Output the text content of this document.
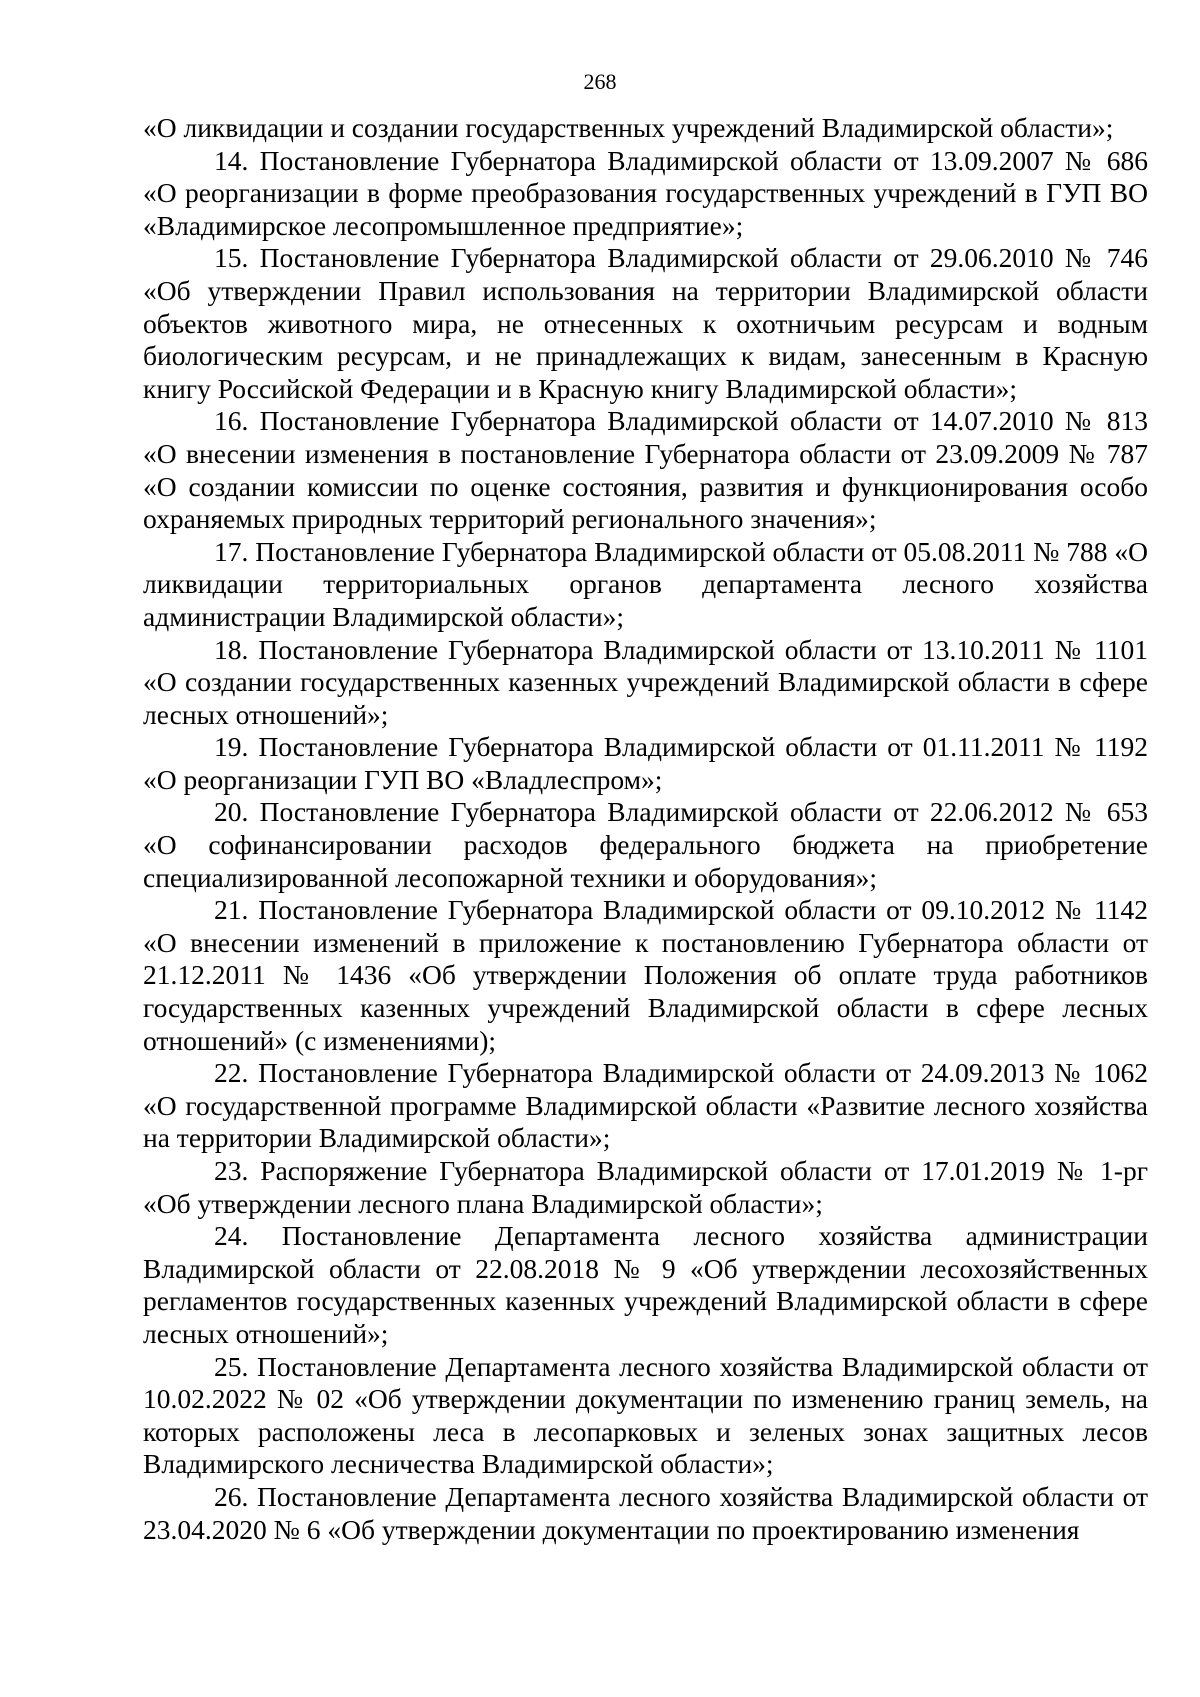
268

«О ликвидации и создании государственных учреждений Владимирской области»;

14. Постановление Губернатора Владимирской области от 13.09.2007 № 686 «О реорганизации в форме преобразования государственных учреждений в ГУП ВО «Владимирское лесопромышленное предприятие»;

15. Постановление Губернатора Владимирской области от 29.06.2010 № 746 «Об утверждении Правил использования на территории Владимирской области объектов животного мира, не отнесенных к охотничьим ресурсам и водным биологическим ресурсам, и не принадлежащих к видам, занесенным в Красную книгу Российской Федерации и в Красную книгу Владимирской области»;

16. Постановление Губернатора Владимирской области от 14.07.2010 № 813 «О внесении изменения в постановление Губернатора области от 23.09.2009 № 787 «О создании комиссии по оценке состояния, развития и функционирования особо охраняемых природных территорий регионального значения»;

17. Постановление Губернатора Владимирской области от 05.08.2011 № 788 «О ликвидации территориальных органов департамента лесного хозяйства администрации Владимирской области»;

18. Постановление Губернатора Владимирской области от 13.10.2011 № 1101 «О создании государственных казенных учреждений Владимирской области в сфере лесных отношений»;

19. Постановление Губернатора Владимирской области от 01.11.2011 № 1192 «О реорганизации ГУП ВО «Владлеспром»;

20. Постановление Губернатора Владимирской области от 22.06.2012 № 653 «О софинансировании расходов федерального бюджета на приобретение специализированной лесопожарной техники и оборудования»;

21. Постановление Губернатора Владимирской области от 09.10.2012 № 1142 «О внесении изменений в приложение к постановлению Губернатора области от 21.12.2011 № 1436 «Об утверждении Положения об оплате труда работников государственных казенных учреждений Владимирской области в сфере лесных отношений» (с изменениями);

22. Постановление Губернатора Владимирской области от 24.09.2013 № 1062 «О государственной программе Владимирской области «Развитие лесного хозяйства на территории Владимирской области»;

23. Распоряжение Губернатора Владимирской области от 17.01.2019 № 1-рг «Об утверждении лесного плана Владимирской области»;

24. Постановление Департамента лесного хозяйства администрации Владимирской области от 22.08.2018 № 9 «Об утверждении лесохозяйственных регламентов государственных казенных учреждений Владимирской области в сфере лесных отношений»;

25. Постановление Департамента лесного хозяйства Владимирской области от 10.02.2022 № 02 «Об утверждении документации по изменению границ земель, на которых расположены леса в лесопарковых и зеленых зонах защитных лесов Владимирского лесничества Владимирской области»;

26. Постановление Департамента лесного хозяйства Владимирской области от 23.04.2020 № 6 «Об утверждении документации по проектированию изменения
